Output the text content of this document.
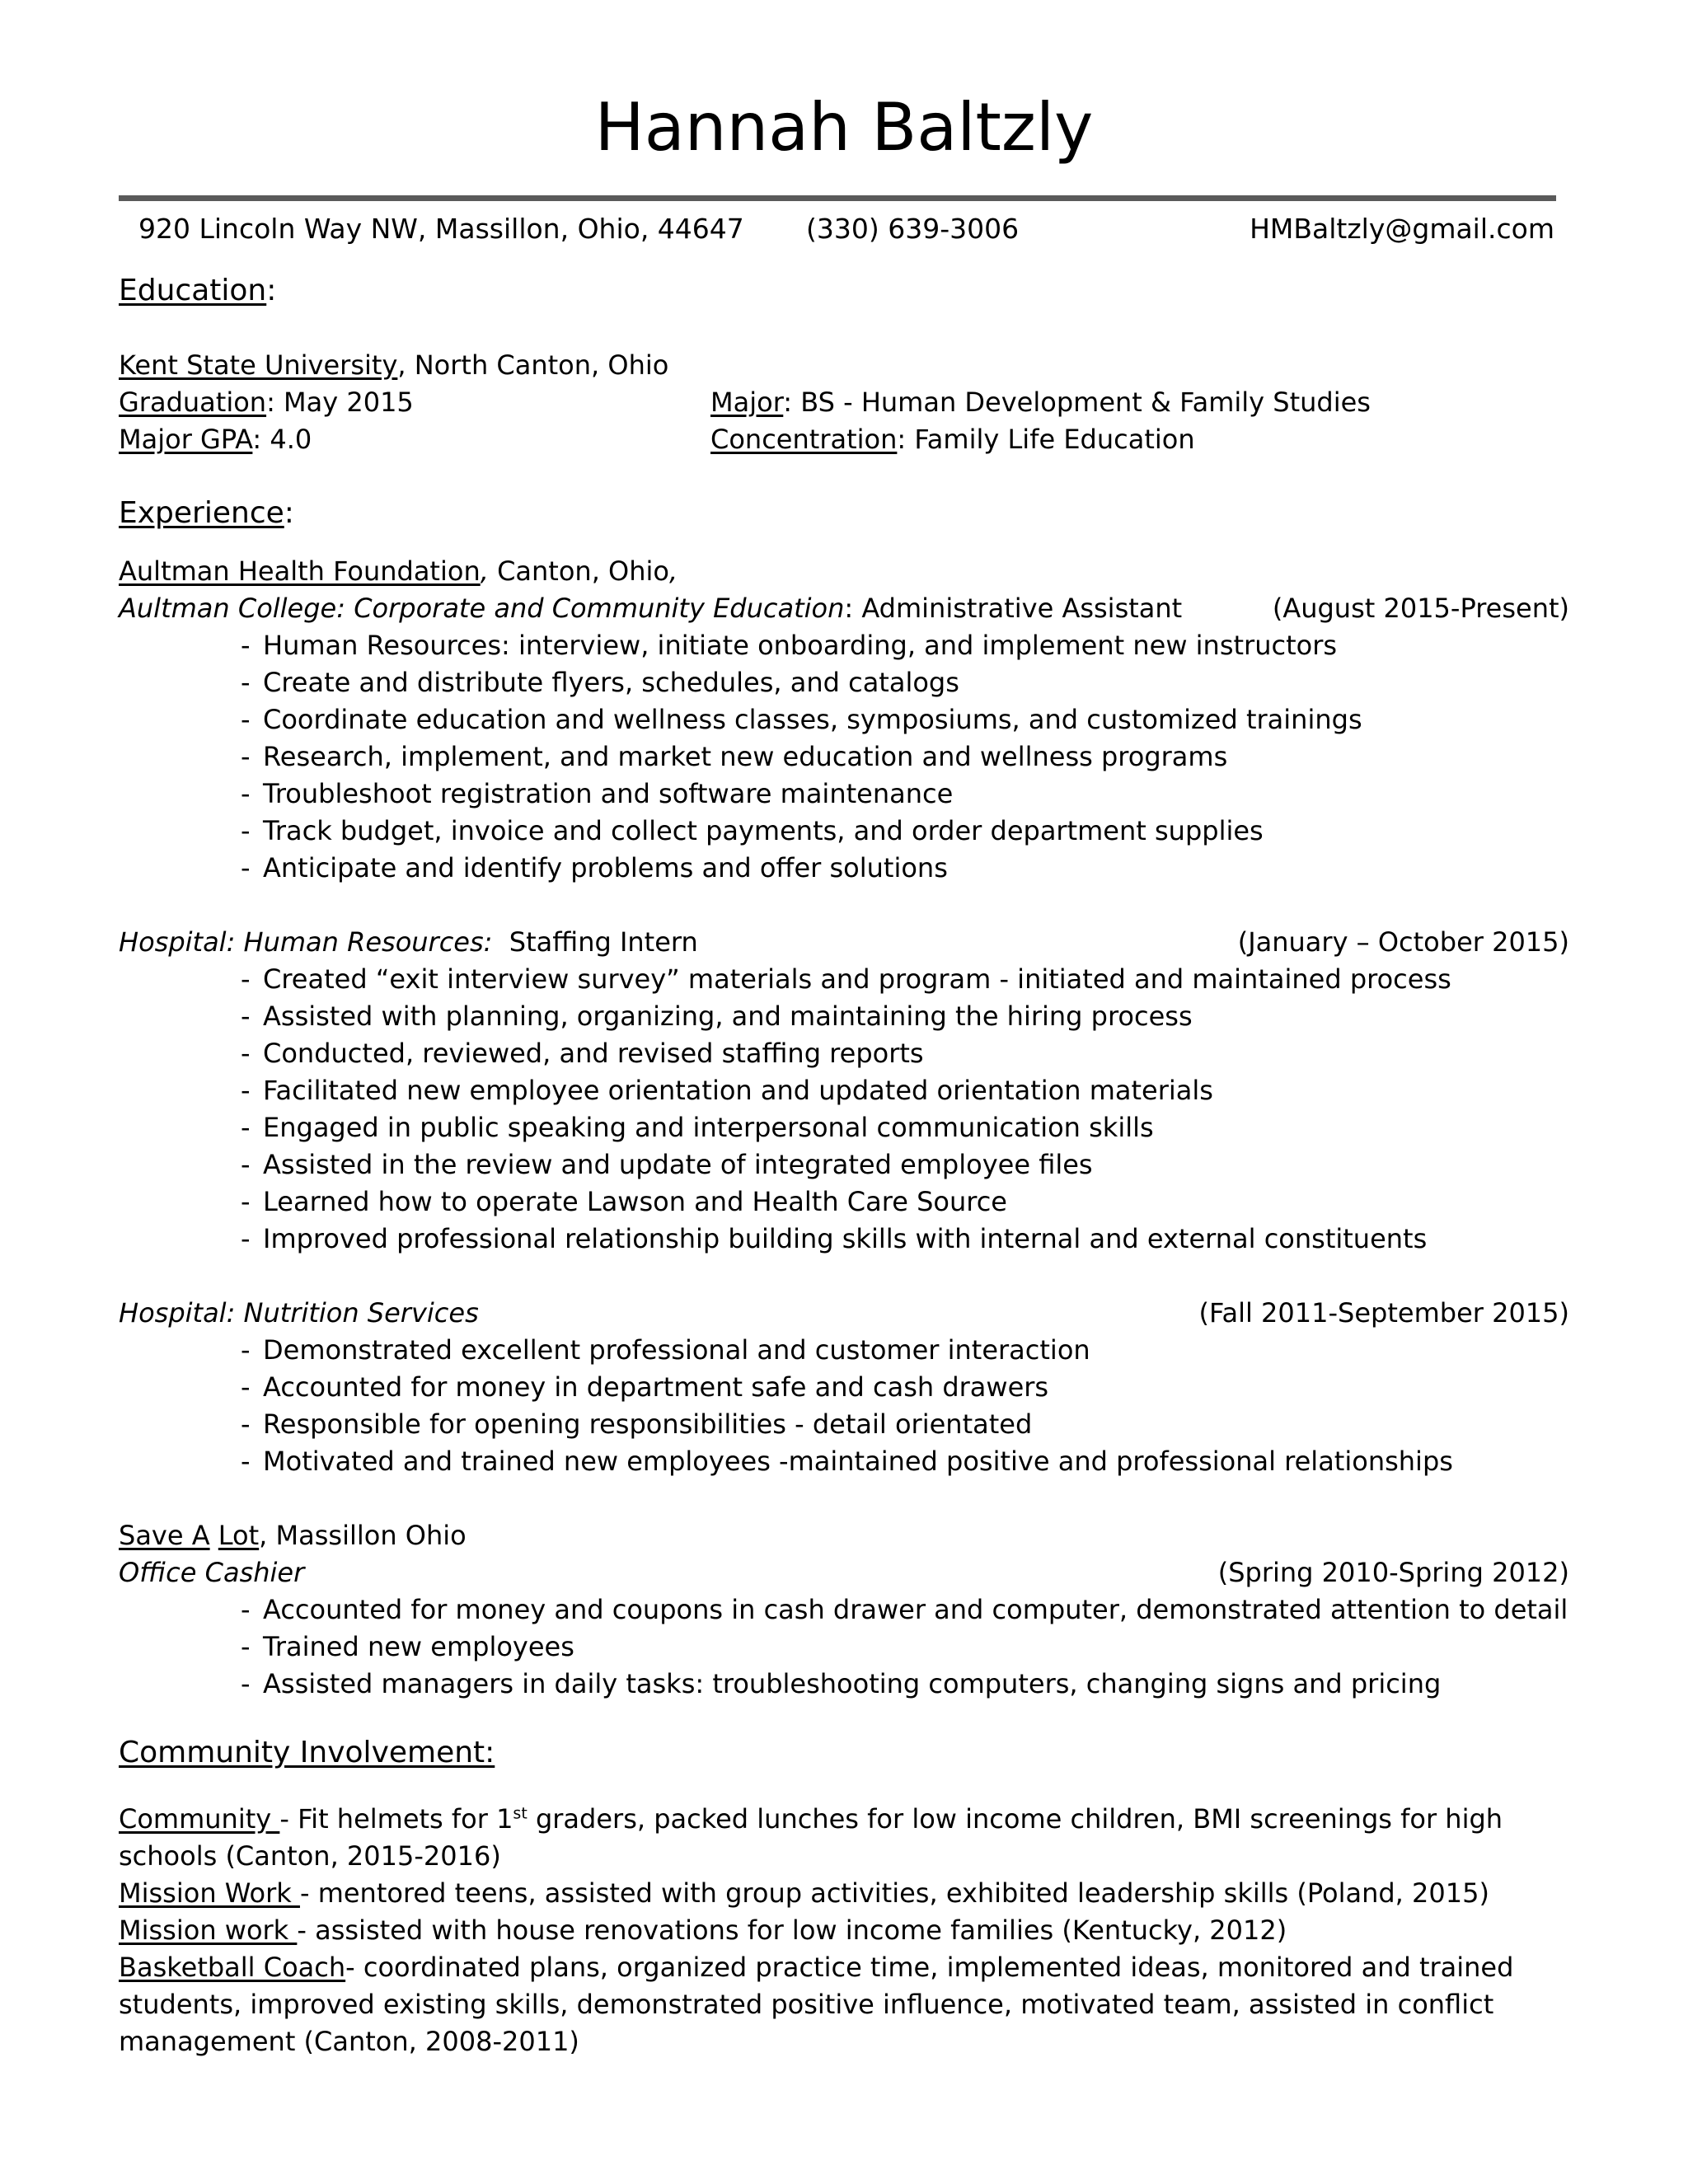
Hannah Baltzly
920 Lincoln Way NW, Massillon, Ohio, 44647 (330) 639-3006	HMBaltzly@gmail.com
Education:
Kent State University, North Canton, Ohio
Graduation: May 2015	Major: BS - Human Development & Family Studies
Major GPA: 4.0	Concentration: Family Life Education
Experience:
Aultman Health Foundation, Canton, Ohio,
Aultman College: Corporate and Community Education: Administrative Assistant	(August 2015-Present)
- Human Resources: interview, initiate onboarding, and implement new instructors
- Create and distribute flyers, schedules, and catalogs
- Coordinate education and wellness classes, symposiums, and customized trainings
- Research, implement, and market new education and wellness programs
- Troubleshoot registration and software maintenance
- Track budget, invoice and collect payments, and order department supplies
- Anticipate and identify problems and offer solutions
Hospital: Human Resources: Staffing Intern	(January – October 2015)
- Created “exit interview survey” materials and program - initiated and maintained process
- Assisted with planning, organizing, and maintaining the hiring process
- Conducted, reviewed, and revised staffing reports
- Facilitated new employee orientation and updated orientation materials
- Engaged in public speaking and interpersonal communication skills
- Assisted in the review and update of integrated employee files
- Learned how to operate Lawson and Health Care Source
- Improved professional relationship building skills with internal and external constituents
Hospital: Nutrition Services	(Fall 2011-September 2015)
- Demonstrated excellent professional and customer interaction
- Accounted for money in department safe and cash drawers
- Responsible for opening responsibilities - detail orientated
- Motivated and trained new employees -maintained positive and professional relationships
Save A Lot, Massillon Ohio
Office Cashier	(Spring 2010-Spring 2012)
- Accounted for money and coupons in cash drawer and computer, demonstrated attention to detail
- Trained new employees
- Assisted managers in daily tasks: troubleshooting computers, changing signs and pricing
Community Involvement:
Community - Fit helmets for 1st graders, packed lunches for low income children, BMI screenings for high schools (Canton, 2015-2016)
Mission Work - mentored teens, assisted with group activities, exhibited leadership skills (Poland, 2015)
Mission work - assisted with house renovations for low income families (Kentucky, 2012)
Basketball Coach- coordinated plans, organized practice time, implemented ideas, monitored and trained students, improved existing skills, demonstrated positive influence, motivated team, assisted in conflict management (Canton, 2008-2011)
